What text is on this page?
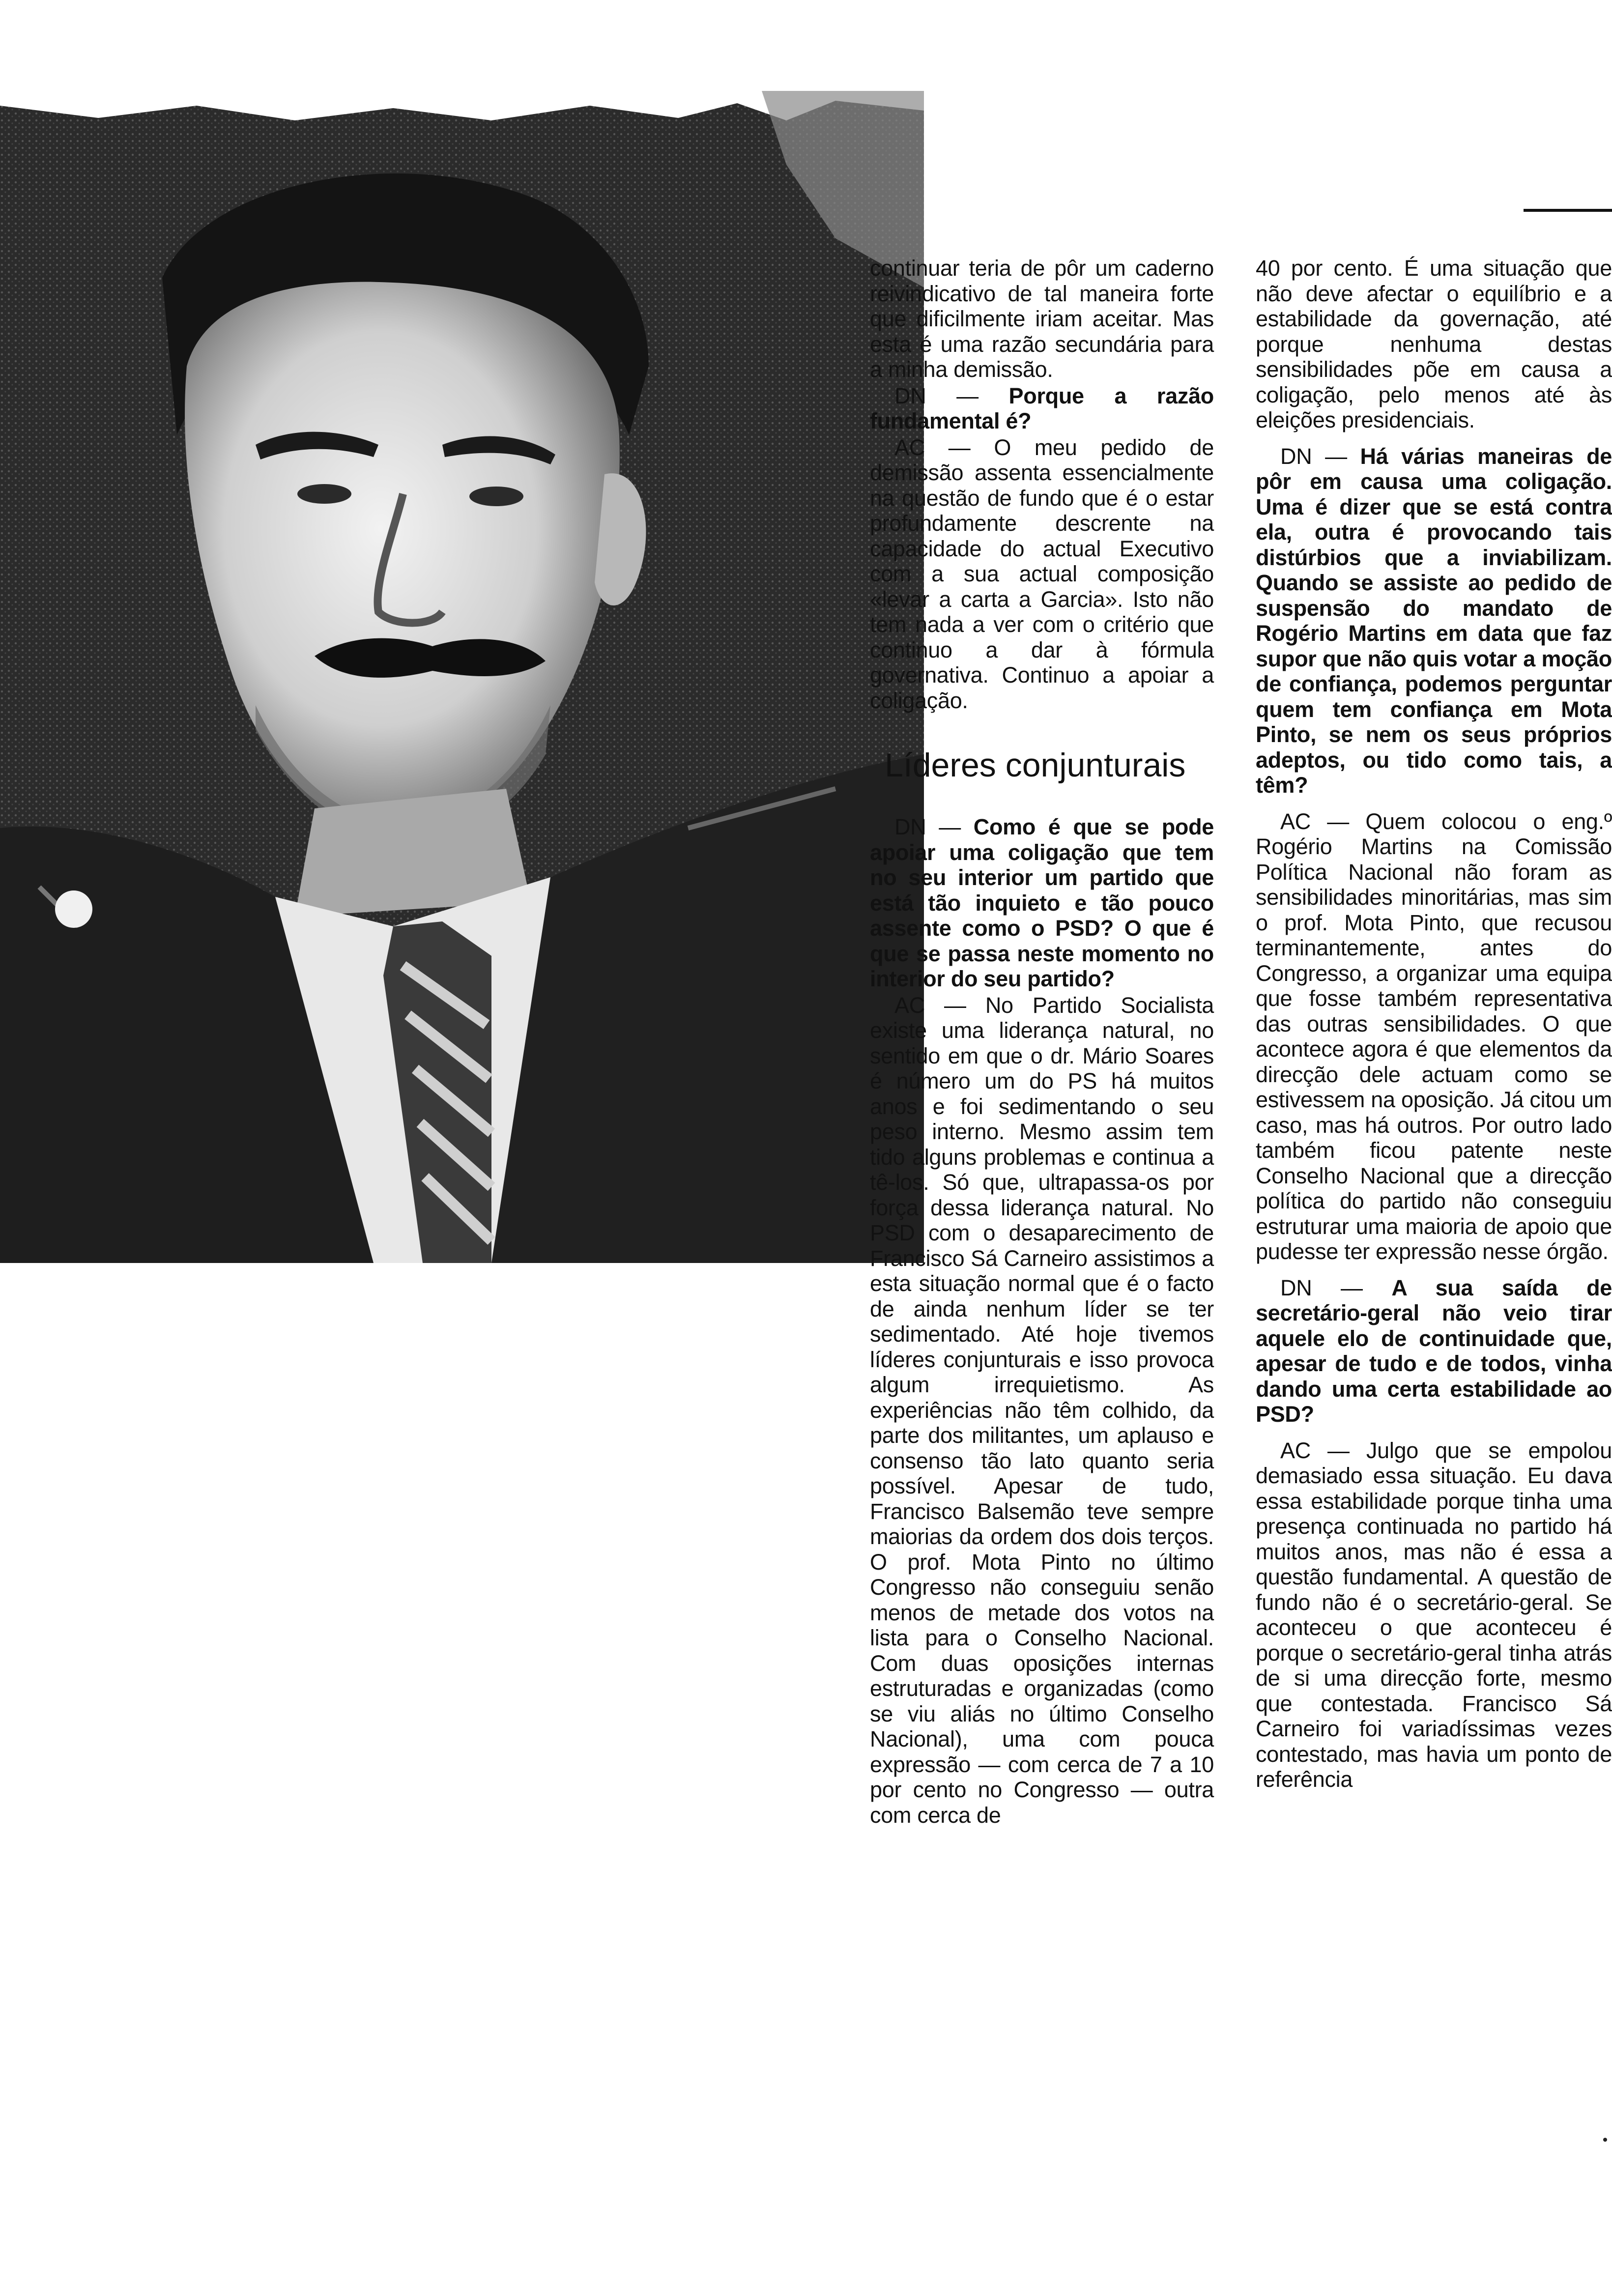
continuar teria de pôr um caderno reivindicativo de tal maneira forte que dificilmente iriam aceitar. Mas esta é uma razão secundária para a minha demissão.

DN — Porque a razão fundamental é?

AC — O meu pedido de demissão assenta essencialmente na questão de fundo que é o estar profundamente descrente na capacidade do actual Executivo com a sua actual composição «levar a carta a Garcia». Isto não tem nada a ver com o critério que continuo a dar à fórmula governativa. Continuo a apoiar a coligação.

Líderes conjunturais

DN — Como é que se pode apoiar uma coligação que tem no seu interior um partido que está tão inquieto e tão pouco assente como o PSD? O que é que se passa neste momento no interior do seu partido?

AC — No Partido Socialista existe uma liderança natural, no sentido em que o dr. Mário Soares é número um do PS há muitos anos e foi sedimentando o seu peso interno. Mesmo assim tem tido alguns problemas e continua a tê-los. Só que, ultrapassa-os por força dessa liderança natural. No PSD com o desaparecimento de Francisco Sá Carneiro assistimos a esta situação normal que é o facto de ainda nenhum líder se ter sedimentado. Até hoje tivemos líderes conjunturais e isso provoca algum irrequietismo. As experiências não têm colhido, da parte dos militantes, um aplauso e consenso tão lato quanto seria possível. Apesar de tudo, Francisco Balsemão teve sempre maiorias da ordem dos dois terços. O prof. Mota Pinto no último Congresso não conseguiu senão menos de metade dos votos na lista para o Conselho Nacional. Com duas oposições internas estruturadas e organizadas (como se viu aliás no último Conselho Nacional), uma com pouca expressão — com cerca de 7 a 10 por cento no Congresso — outra com cerca de

40 por cento. É uma situação que não deve afectar o equilíbrio e a estabilidade da governação, até porque nenhuma destas sensibilidades põe em causa a coligação, pelo menos até às eleições presidenciais.

DN — Há várias maneiras de pôr em causa uma coligação. Uma é dizer que se está contra ela, outra é provocando tais distúrbios que a inviabilizam. Quando se assiste ao pedido de suspensão do mandato de Rogério Martins em data que faz supor que não quis votar a moção de confiança, podemos perguntar quem tem confiança em Mota Pinto, se nem os seus próprios adeptos, ou tido como tais, a têm?

AC — Quem colocou o eng.º Rogério Martins na Comissão Política Nacional não foram as sensibilidades minoritárias, mas sim o prof. Mota Pinto, que recusou terminantemente, antes do Congresso, a organizar uma equipa que fosse também representativa das outras sensibilidades. O que acontece agora é que elementos da direcção dele actuam como se estivessem na oposição. Já citou um caso, mas há outros. Por outro lado também ficou patente neste Conselho Nacional que a direcção política do partido não conseguiu estruturar uma maioria de apoio que pudesse ter expressão nesse órgão.

DN — A sua saída de secretário-geral não veio tirar aquele elo de continuidade que, apesar de tudo e de todos, vinha dando uma certa estabilidade ao PSD?

AC — Julgo que se empolou demasiado essa situação. Eu dava essa estabilidade porque tinha uma presença continuada no partido há muitos anos, mas não é essa a questão fundamental. A questão de fundo não é o secretário-geral. Se aconteceu o que aconteceu é porque o secretário-geral tinha atrás de si uma direcção forte, mesmo que contestada. Francisco Sá Carneiro foi variadíssimas vezes contestado, mas havia um ponto de referência
